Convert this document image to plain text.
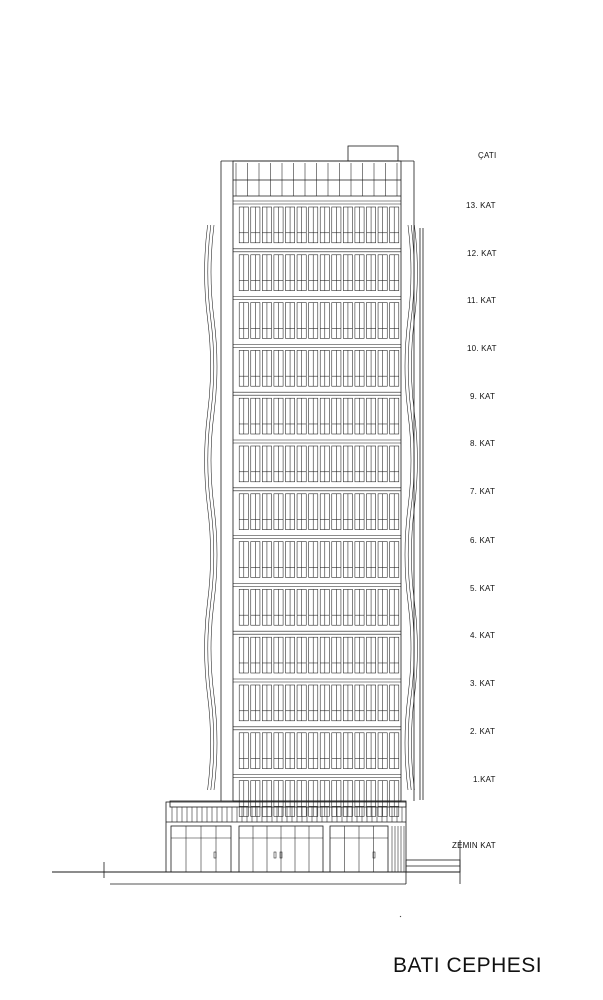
ÇATI
13. KAT
12. KAT
11. KAT
10. KAT
9. KAT
8. KAT
7. KAT
6. KAT
5. KAT
4. KAT
3. KAT
2. KAT
1.KAT
ZEMIN KAT
BATI CEPHESI
